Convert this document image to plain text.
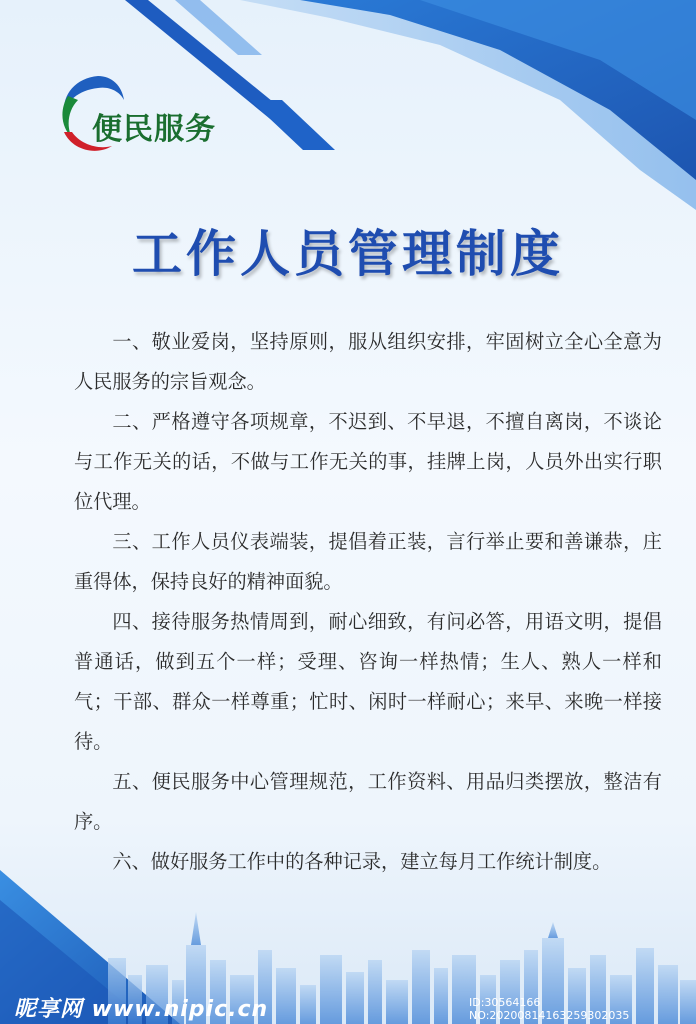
便民服务
工作人员管理制度

一、敬业爱岗，坚持原则，服从组织安排，牢固树立全心全意为人民服务的宗旨观念。

二、严格遵守各项规章，不迟到、不早退，不擅自离岗，不谈论与工作无关的话，不做与工作无关的事，挂牌上岗，人员外出实行职位代理。

三、工作人员仪表端装，提倡着正装，言行举止要和善谦恭，庄重得体，保持良好的精神面貌。

四、接待服务热情周到，耐心细致，有问必答，用语文明，提倡普通话，做到五个一样；受理、咨询一样热情；生人、熟人一样和气；干部、群众一样尊重；忙时、闲时一样耐心；来早、来晚一样接待。

五、便民服务中心管理规范，工作资料、用品归类摆放，整洁有序。

六、做好服务工作中的各种记录，建立每月工作统计制度。

昵享网 www.nipic.cn	ID:30564166 NO:20200814163259302035
